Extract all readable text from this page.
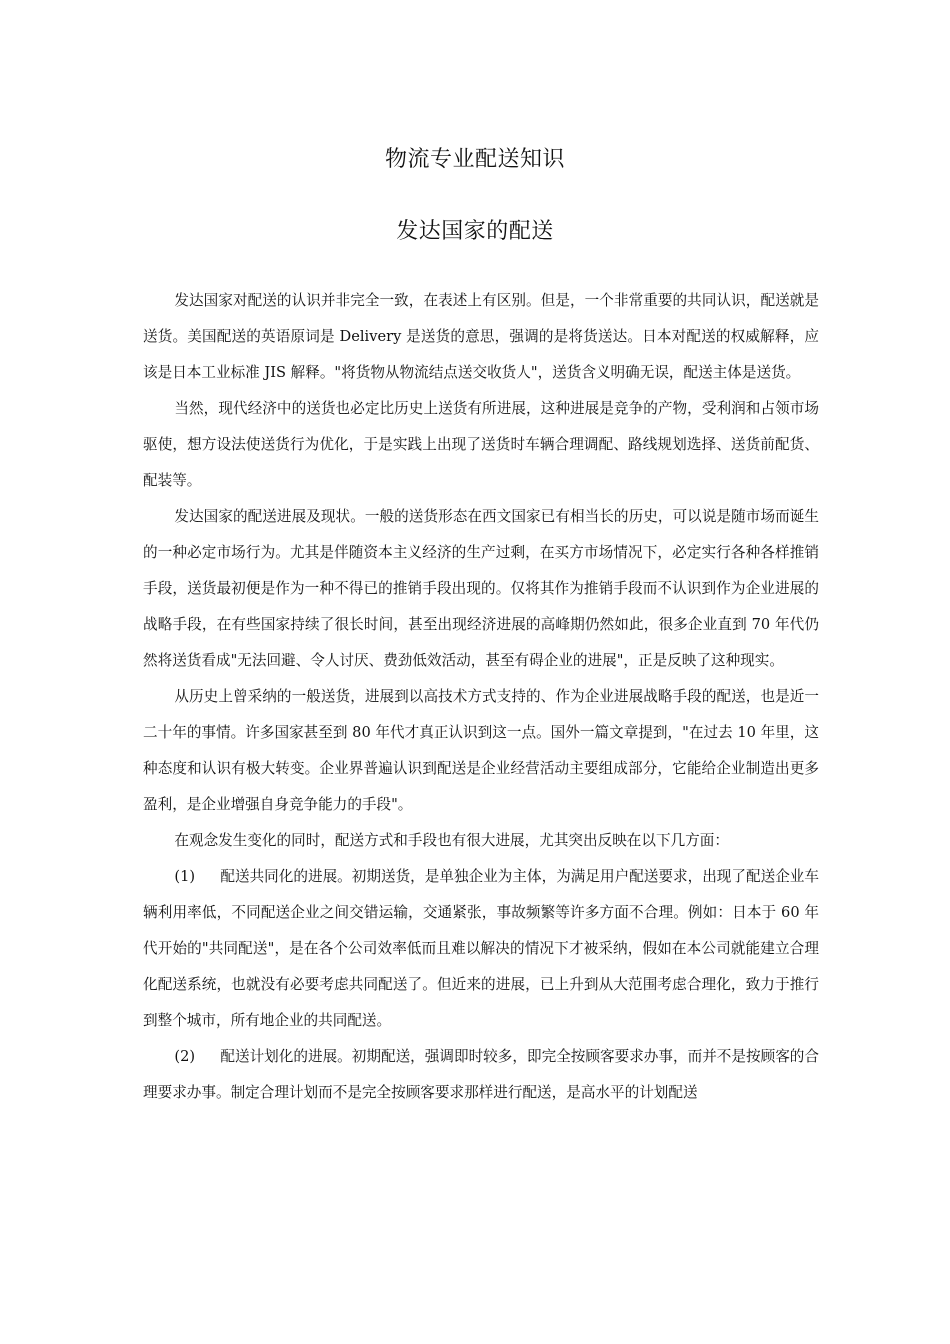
物流专业配送知识
发达国家的配送

发达国家对配送的认识并非完全一致，在表述上有区别。但是，一个非常重要的共同认识，配送就是送货。美国配送的英语原词是 Delivery 是送货的意思，强调的是将货送达。日本对配送的权威解释，应该是日本工业标准 JIS 解释。"将货物从物流结点送交收货人"，送货含义明确无误，配送主体是送货。

当然，现代经济中的送货也必定比历史上送货有所进展，这种进展是竞争的产物，受利润和占领市场驱使，想方设法使送货行为优化，于是实践上出现了送货时车辆合理调配、路线规划选择、送货前配货、配装等。

发达国家的配送进展及现状。一般的送货形态在西文国家已有相当长的历史，可以说是随市场而诞生的一种必定市场行为。尤其是伴随资本主义经济的生产过剩，在买方市场情况下，必定实行各种各样推销手段，送货最初便是作为一种不得已的推销手段出现的。仅将其作为推销手段而不认识到作为企业进展的战略手段，在有些国家持续了很长时间，甚至出现经济进展的高峰期仍然如此，很多企业直到 70 年代仍然将送货看成"无法回避、令人讨厌、费劲低效活动，甚至有碍企业的进展"，正是反映了这种现实。

从历史上曾采纳的一般送货，进展到以高技术方式支持的、作为企业进展战略手段的配送，也是近一二十年的事情。许多国家甚至到 80 年代才真正认识到这一点。国外一篇文章提到，"在过去 10 年里，这种态度和认识有极大转变。企业界普遍认识到配送是企业经营活动主要组成部分，它能给企业制造出更多盈利，是企业增强自身竞争能力的手段"。

在观念发生变化的同时，配送方式和手段也有很大进展，尤其突出反映在以下几方面：

(1) 配送共同化的进展。初期送货，是单独企业为主体，为满足用户配送要求，出现了配送企业车辆利用率低，不同配送企业之间交错运输，交通紧张，事故频繁等许多方面不合理。例如：日本于 60 年代开始的"共同配送"，是在各个公司效率低而且难以解决的情况下才被采纳，假如在本公司就能建立合理化配送系统，也就没有必要考虑共同配送了。但近来的进展，已上升到从大范围考虑合理化，致力于推行到整个城市，所有地企业的共同配送。

(2) 配送计划化的进展。初期配送，强调即时较多，即完全按顾客要求办事，而并不是按顾客的合理要求办事。制定合理计划而不是完全按顾客要求那样进行配送，是高水平的计划配送
